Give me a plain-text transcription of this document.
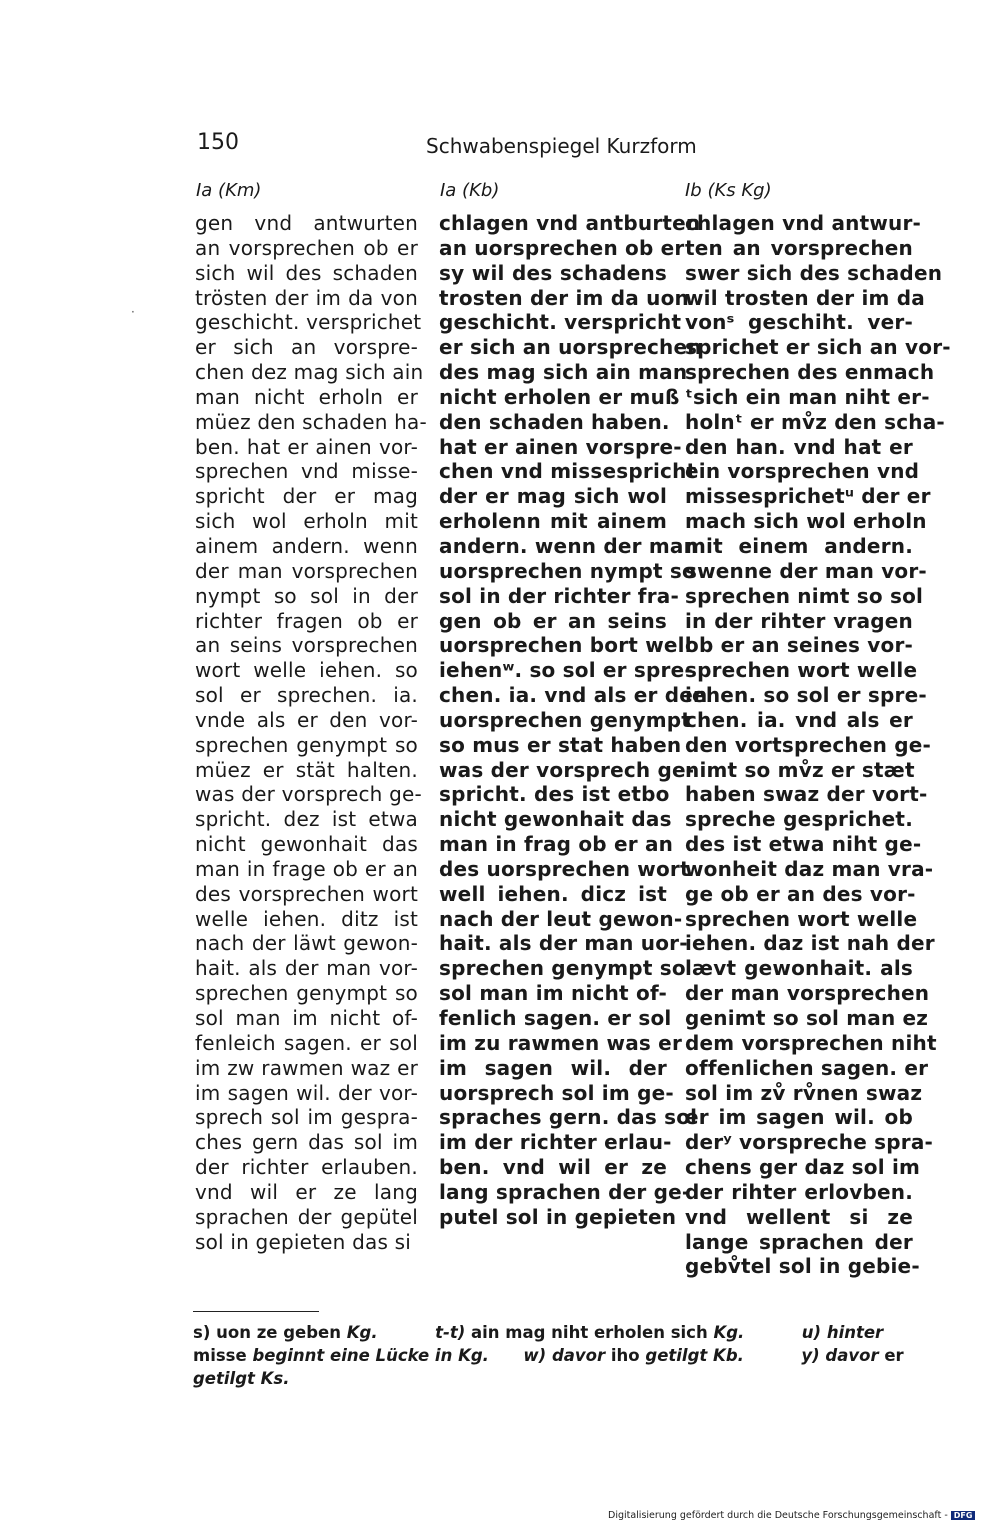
150	Schwabenspiegel Kurzform
·
Ia (Km)	Ia (Kb)	Ib (Ks Kg)
gen vnd antwurten
an vorsprechen ob er
sich wil des schaden
trösten der im da von
geschicht. versprichet
er sich an vorspre-
chen dez mag sich ain
man nicht erholn er
müez den schaden ha-
ben. hat er ainen vor-
sprechen vnd misse-
spricht der er mag
sich wol erholn mit
ainem andern. wenn
der man vorsprechen
nympt so sol in der
richter fragen ob er
an seins vorsprechen
wort welle iehen. so
sol er sprechen. ia.
vnde als er den vor-
sprechen genympt so
müez er stät halten.
was der vorsprech ge-
spricht. dez ist etwa
nicht gewonhait das
man in frage ob er an
des vorsprechen wort
welle iehen. ditz ist
nach der läwt gewon-
hait. als der man vor-
sprechen genympt so
sol man im nicht of-
fenleich sagen. er sol
im zw rawmen waz er
im sagen wil. der vor-
sprech sol im gespra-
ches gern das sol im
der richter erlauben.
vnd wil er ze lang
sprachen der gepütel
sol in gepieten das si
chlagen vnd antburten
an uorsprechen ob er
sy wil des schadens
trosten der im da uon
geschicht. verspricht
er sich an uorsprechen
des mag sich ain man
nicht erholen er muß
den schaden haben.
hat er ainen vorspre-
chen vnd missespricht
der er mag sich wol
erholenn mit ainem
andern. wenn der man
uorsprechen nympt so
sol in der richter fra-
gen ob er an seins
uorsprechen bort well
iehenʷ. so sol er spre-
chen. ia. vnd als er den
uorsprechen genympt
so mus er stat haben
was der vorsprech ge-
spricht. des ist etbo
nicht gewonhait das
man in frag ob er an
des uorsprechen wort
well iehen. dicz ist
nach der leut gewon-
hait. als der man uor-
sprechen genympt so
sol man im nicht of-
fenlich sagen. er sol
im zu rawmen was er
im sagen wil. der
uorsprech sol im ge-
spraches gern. das sol
im der richter erlau-
ben. vnd wil er ze
lang sprachen der ge-
putel sol in gepieten
chlagen vnd antwur-
ten an vorsprechen
swer sich des schaden
wil trosten der im da
vonˢ geschiht. ver-
sprichet er sich an vor-
sprechen des enmach
ᵗsich ein man niht er-
holnᵗ er mv̊z den scha-
den han. vnd hat er
ein vorsprechen vnd
missesprichetᵘ der er
mach sich wol erholn
mit einem andern.
swenne der man vor-
sprechen nimt so sol
in der rihter vragen
ob er an seines vor-
sprechen wort welle
iehen. so sol er spre-
chen. ia. vnd als er
den vortsprechen ge-
nimt so mv̊z er stæt
haben swaz der vort-
spreche gesprichet.
des ist etwa niht ge-
wonheit daz man vra-
ge ob er an des vor-
sprechen wort welle
iehen. daz ist nah der
lævt gewonhait. als
der man vorsprechen
genimt so sol man ez
dem vorsprechen niht
offenlichen sagen. er
sol im zv̊ rv̊nen swaz
er im sagen wil. ob
derʸ vorspreche spra-
chens ger daz sol im
der rihter erlovben.
vnd wellent si ze
lange sprachen der
gebv̊tel sol in gebie-
s) uon ze geben Kg.	t-t) ain mag niht erholen sich Kg.	u) hinter
misse beginnt eine Lücke in Kg. w) davor iho getilgt Kb.	y) davor er
getilgt Ks.
Digitalisierung gefördert durch die Deutsche Forschungsgemeinschaft - DFG
